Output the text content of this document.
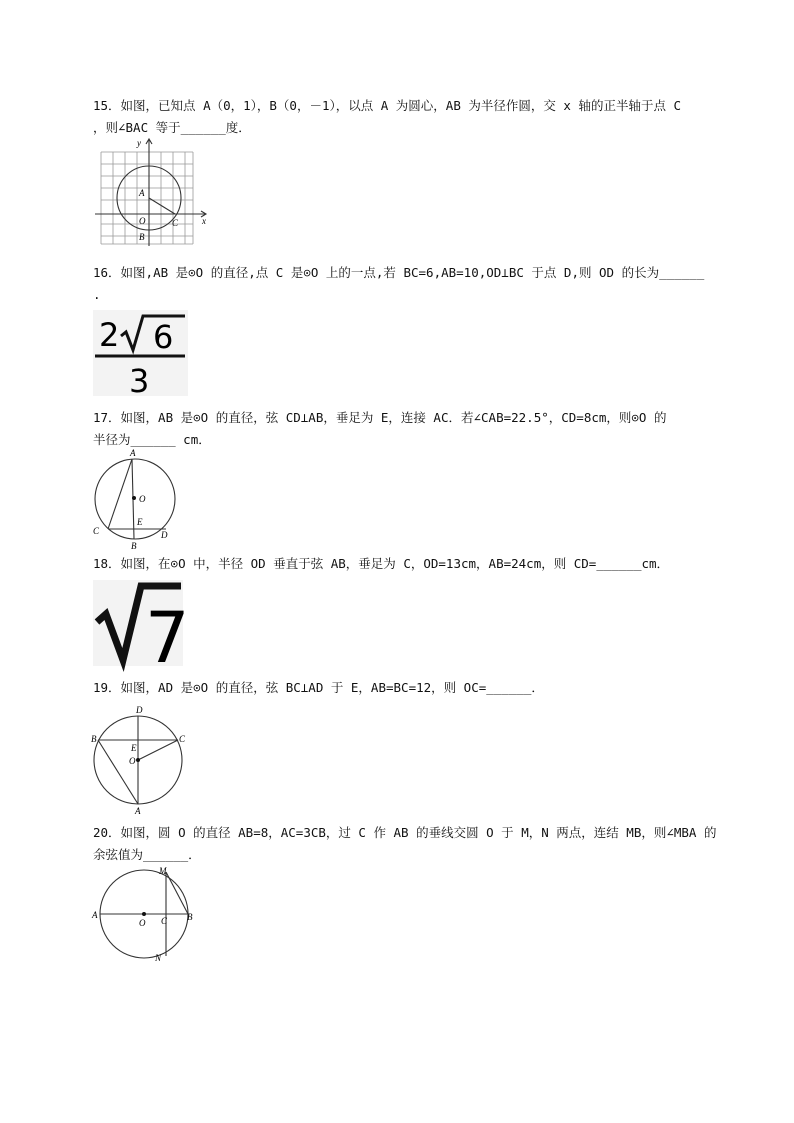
15．如图，已知点 A（0，1），B（0，－1），以点 A 为圆心，AB 为半径作圆，交 x 轴的正半轴于点 C
，则∠BAC 等于______度．
y
x
A
O	C
B
16．如图,AB 是⊙O 的直径,点 C 是⊙O 上的一点,若 BC=6,AB=10,OD⊥BC 于点 D,则 OD 的长为______
.
2 6
3
17．如图，AB 是⊙O 的直径，弦 CD⊥AB，垂足为 E，连接 AC．若∠CAB=22.5°，CD=8cm，则⊙O 的
半径为______ cm．
A
O
C
E
D
B
18．如图，在⊙O 中，半径 OD 垂直于弦 AB，垂足为 C，OD=13cm，AB=24cm，则 CD=______cm．
7
19．如图，AD 是⊙O 的直径，弦 BC⊥AD 于 E，AB=BC=12，则 OC=______．
D
B	C
E
O
A
20．如图，圆 O 的直径 AB=8，AC=3CB，过 C 作 AB 的垂线交圆 O 于 M，N 两点，连结 MB，则∠MBA 的
余弦值为______．
M
A
O C B
N
